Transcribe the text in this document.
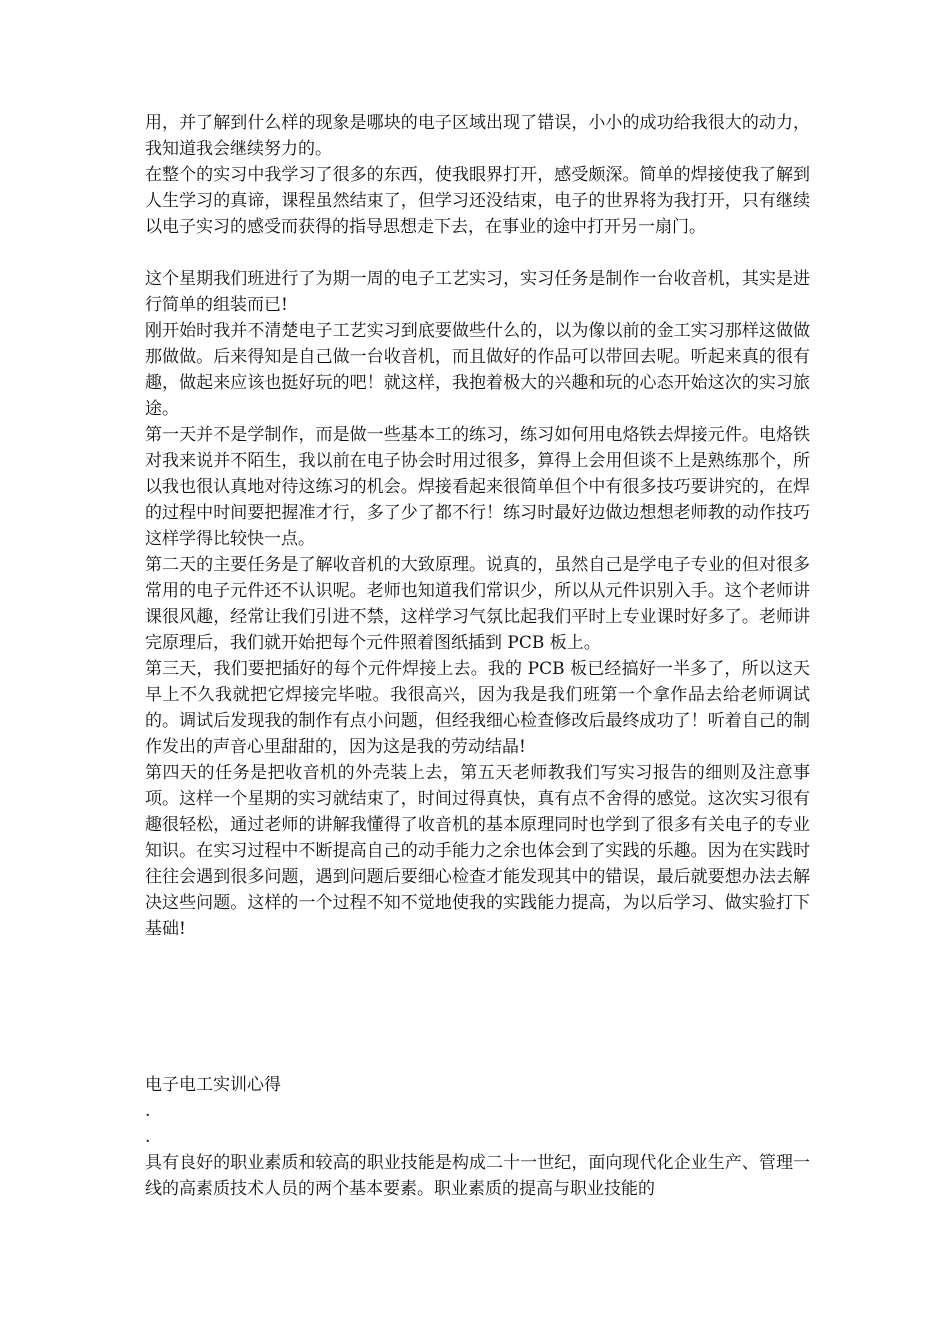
用，并了解到什么样的现象是哪块的电子区域出现了错误，小小的成功给我很大的动力，我知道我会继续努力的。

在整个的实习中我学习了很多的东西，使我眼界打开，感受颇深。简单的焊接使我了解到人生学习的真谛，课程虽然结束了，但学习还没结束，电子的世界将为我打开，只有继续以电子实习的感受而获得的指导思想走下去，在事业的途中打开另一扇门。

这个星期我们班进行了为期一周的电子工艺实习，实习任务是制作一台收音机，其实是进行简单的组装而已!

刚开始时我并不清楚电子工艺实习到底要做些什么的，以为像以前的金工实习那样这做做那做做。后来得知是自己做一台收音机，而且做好的作品可以带回去呢。听起来真的很有趣，做起来应该也挺好玩的吧！就这样，我抱着极大的兴趣和玩的心态开始这次的实习旅途。

第一天并不是学制作，而是做一些基本工的练习，练习如何用电烙铁去焊接元件。电烙铁对我来说并不陌生，我以前在电子协会时用过很多，算得上会用但谈不上是熟练那个，所以我也很认真地对待这练习的机会。焊接看起来很简单但个中有很多技巧要讲究的，在焊的过程中时间要把握准才行，多了少了都不行！练习时最好边做边想想老师教的动作技巧这样学得比较快一点。

第二天的主要任务是了解收音机的大致原理。说真的，虽然自己是学电子专业的但对很多常用的电子元件还不认识呢。老师也知道我们常识少，所以从元件识别入手。这个老师讲课很风趣，经常让我们引进不禁，这样学习气氛比起我们平时上专业课时好多了。老师讲完原理后，我们就开始把每个元件照着图纸插到 PCB 板上。

第三天，我们要把插好的每个元件焊接上去。我的 PCB 板已经搞好一半多了，所以这天早上不久我就把它焊接完毕啦。我很高兴，因为我是我们班第一个拿作品去给老师调试的。调试后发现我的制作有点小问题，但经我细心检查修改后最终成功了！听着自己的制作发出的声音心里甜甜的，因为这是我的劳动结晶!

第四天的任务是把收音机的外壳装上去，第五天老师教我们写实习报告的细则及注意事项。这样一个星期的实习就结束了，时间过得真快，真有点不舍得的感觉。这次实习很有趣很轻松，通过老师的讲解我懂得了收音机的基本原理同时也学到了很多有关电子的专业知识。在实习过程中不断提高自己的动手能力之余也体会到了实践的乐趣。因为在实践时往往会遇到很多问题，遇到问题后要细心检查才能发现其中的错误，最后就要想办法去解决这些问题。这样的一个过程不知不觉地使我的实践能力提高，为以后学习、做实验打下基础!

电子电工实训心得

.

.

具有良好的职业素质和较高的职业技能是构成二十一世纪，面向现代化企业生产、管理一线的高素质技术人员的两个基本要素。职业素质的提高与职业技能的
